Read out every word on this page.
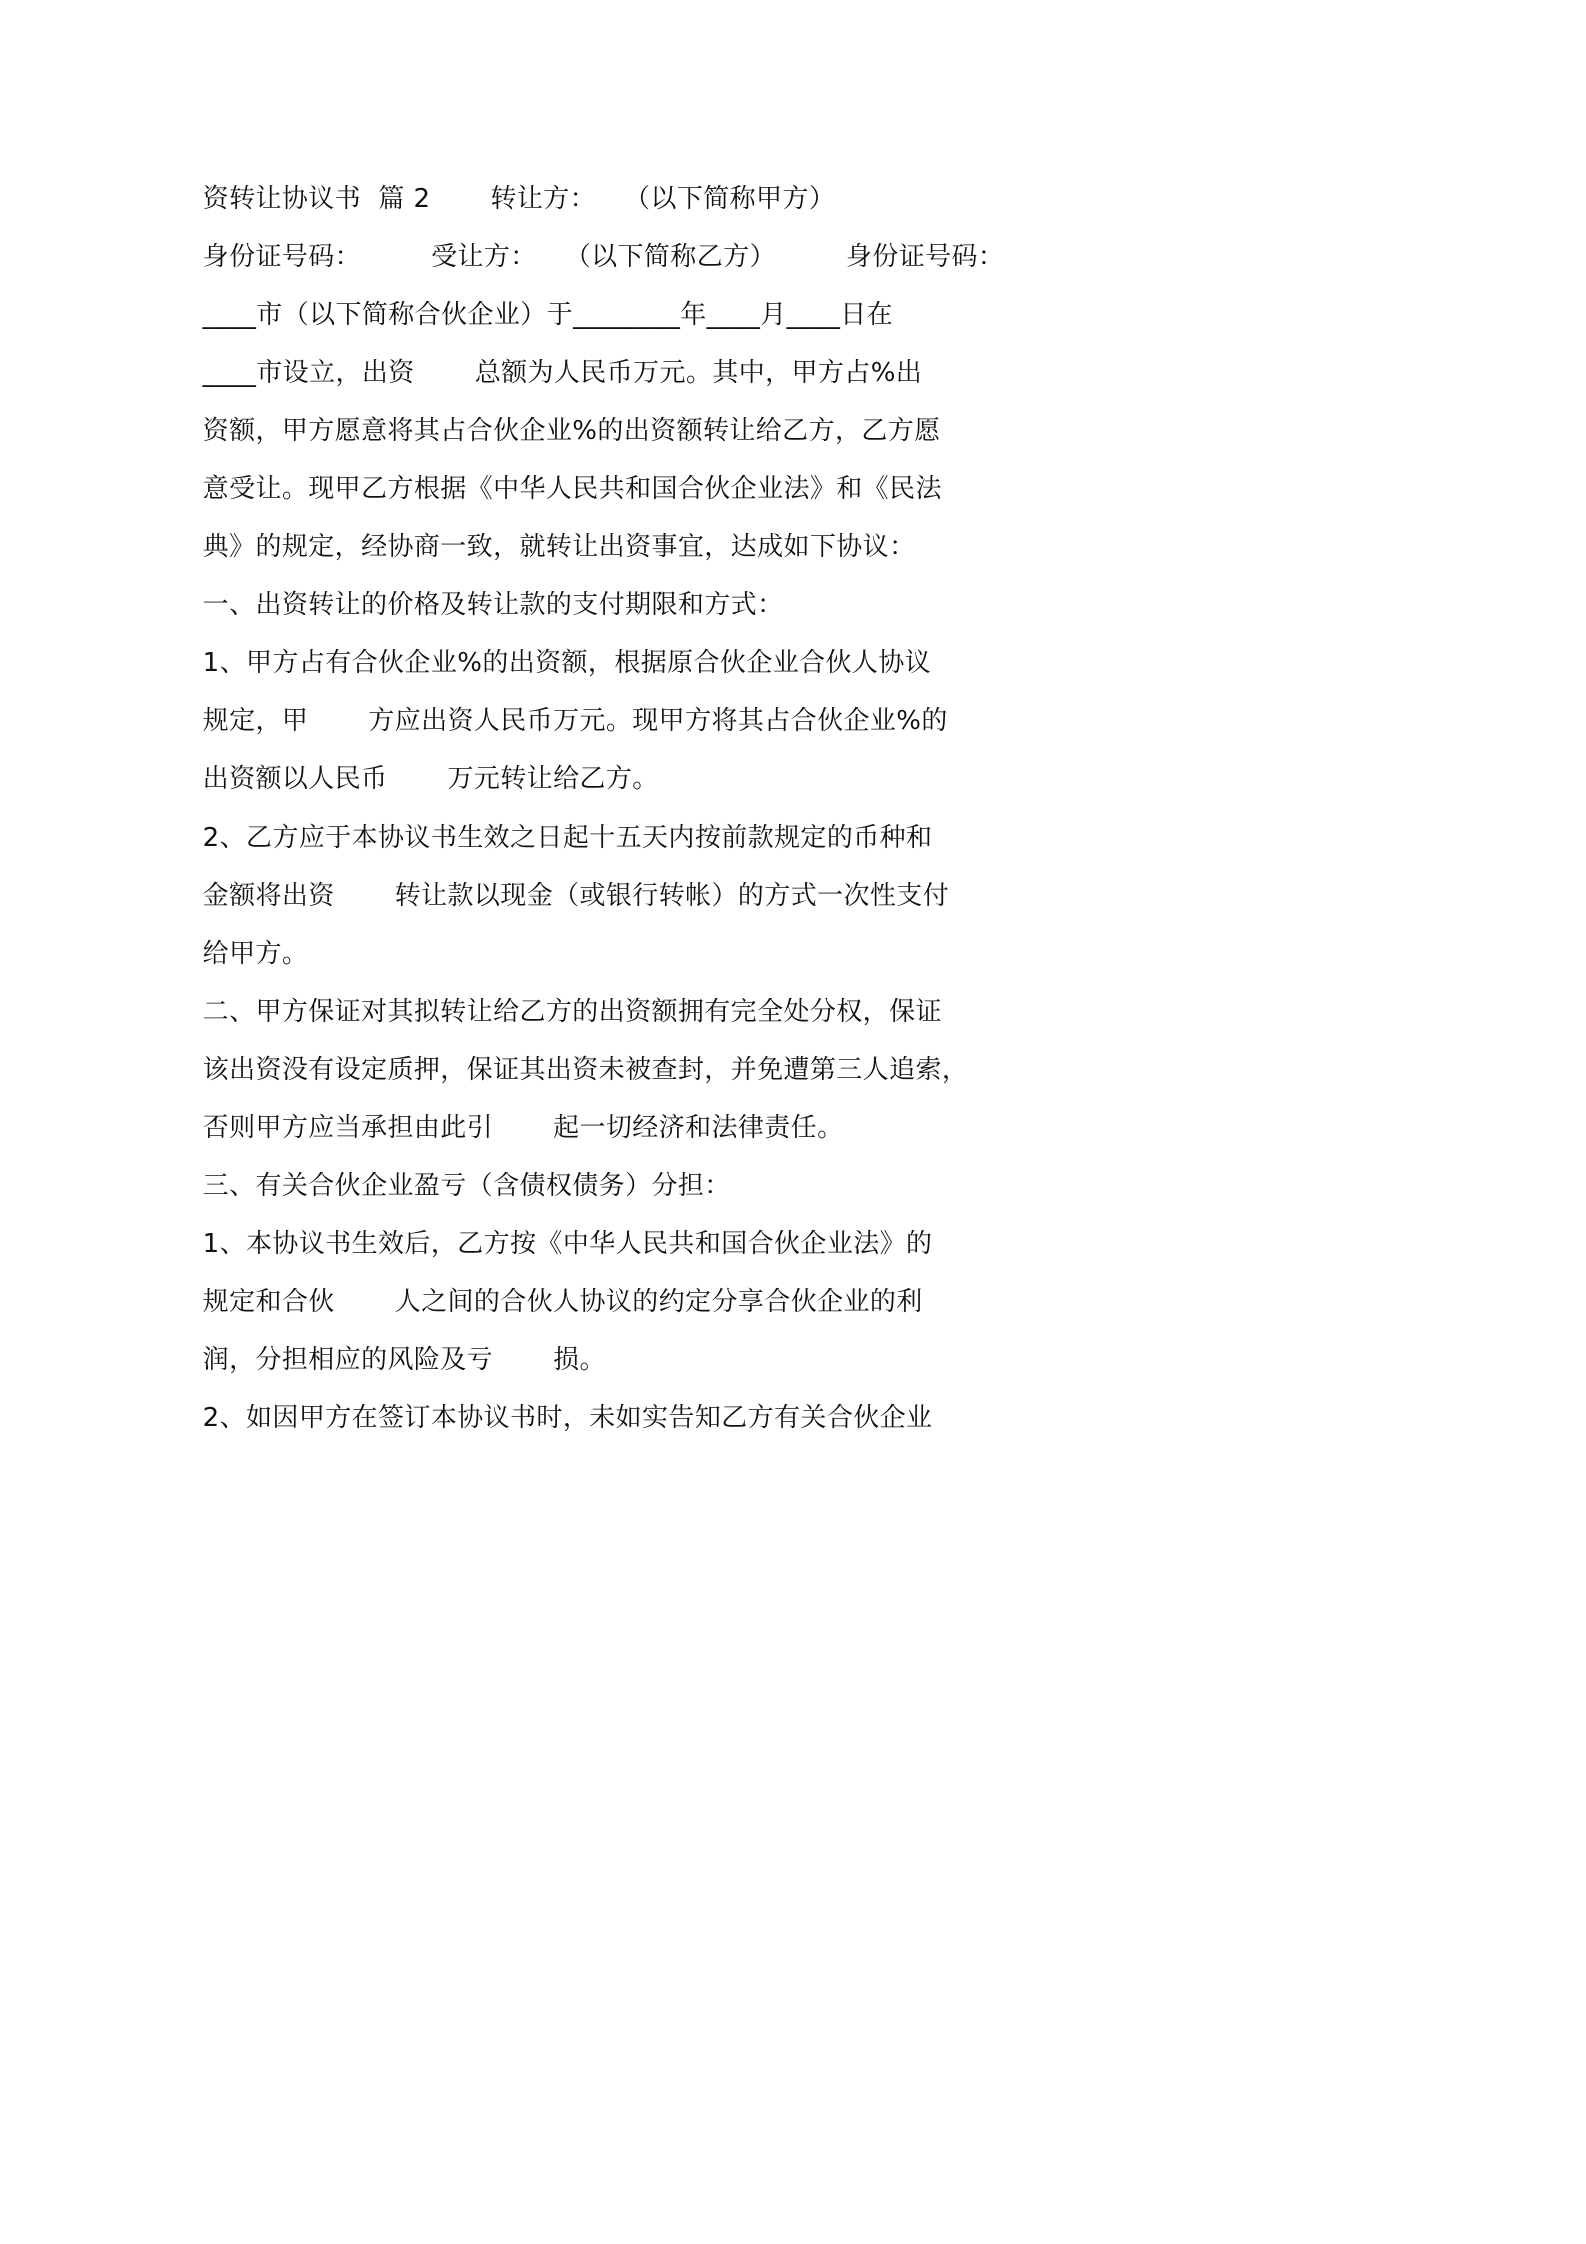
资转让协议书  篇 2 转让方： （以下简称甲方）

身份证号码：	受让方： （以下简称乙方）	身份证号码：

____市（以下简称合伙企业）于________年____月____日在

____市设立，出资 总额为人民币万元。其中，甲方占%出

资额，甲方愿意将其占合伙企业%的出资额转让给乙方，乙方愿

意受让。现甲乙方根据《中华人民共和国合伙企业法》和《民法

典》的规定，经协商一致，就转让出资事宜，达成如下协议：

一、出资转让的价格及转让款的支付期限和方式：

1、甲方占有合伙企业%的出资额，根据原合伙企业合伙人协议

规定，甲 方应出资人民币万元。现甲方将其占合伙企业%的

出资额以人民币 万元转让给乙方。

2、乙方应于本协议书生效之日起十五天内按前款规定的币种和

金额将出资 转让款以现金（或银行转帐）的方式一次性支付

给甲方。

二、甲方保证对其拟转让给乙方的出资额拥有完全处分权，保证

该出资没有设定质押，保证其出资未被查封，并免遭第三人追索，

否则甲方应当承担由此引 起一切经济和法律责任。

三、有关合伙企业盈亏（含债权债务）分担：

1、本协议书生效后，乙方按《中华人民共和国合伙企业法》的

规定和合伙 人之间的合伙人协议的约定分享合伙企业的利

润，分担相应的风险及亏 损。

2、如因甲方在签订本协议书时，未如实告知乙方有关合伙企业
